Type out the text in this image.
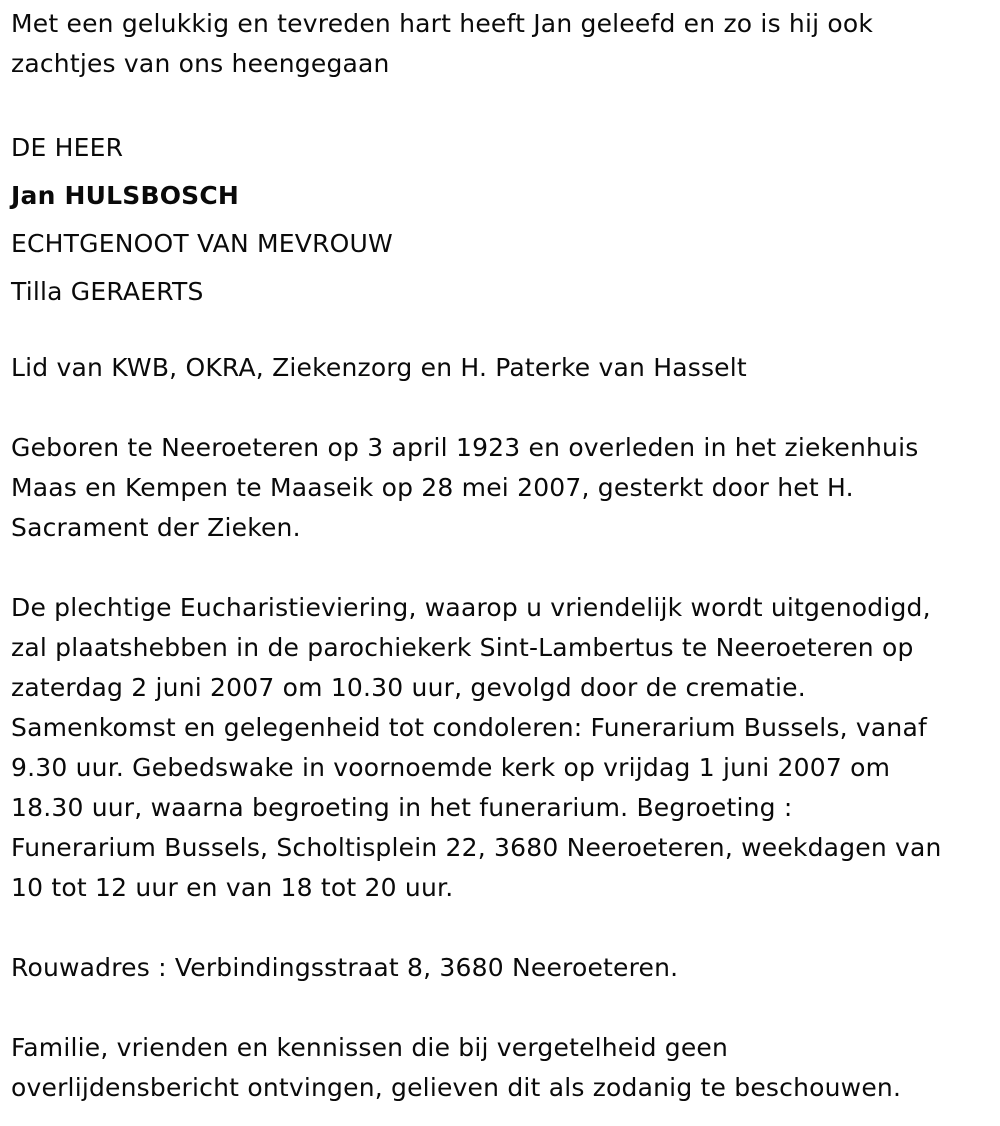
Met een gelukkig en tevreden hart heeft Jan geleefd en zo is hij ook
zachtjes van ons heengegaan
DE HEER
Jan HULSBOSCH
ECHTGENOOT VAN MEVROUW
Tilla GERAERTS
Lid van KWB, OKRA, Ziekenzorg en H. Paterke van Hasselt
Geboren te Neeroeteren op 3 april 1923 en overleden in het ziekenhuis
Maas en Kempen te Maaseik op 28 mei 2007, gesterkt door het H.
Sacrament der Zieken.
De plechtige Eucharistieviering, waarop u vriendelijk wordt uitgenodigd,
zal plaatshebben in de parochiekerk Sint-Lambertus te Neeroeteren op
zaterdag 2 juni 2007 om 10.30 uur, gevolgd door de crematie.
Samenkomst en gelegenheid tot condoleren: Funerarium Bussels, vanaf
9.30 uur. Gebedswake in voornoemde kerk op vrijdag 1 juni 2007 om
18.30 uur, waarna begroeting in het funerarium. Begroeting :
Funerarium Bussels, Scholtisplein 22, 3680 Neeroeteren, weekdagen van
10 tot 12 uur en van 18 tot 20 uur.
Rouwadres : Verbindingsstraat 8, 3680 Neeroeteren.
Familie, vrienden en kennissen die bij vergetelheid geen
overlijdensbericht ontvingen, gelieven dit als zodanig te beschouwen.
